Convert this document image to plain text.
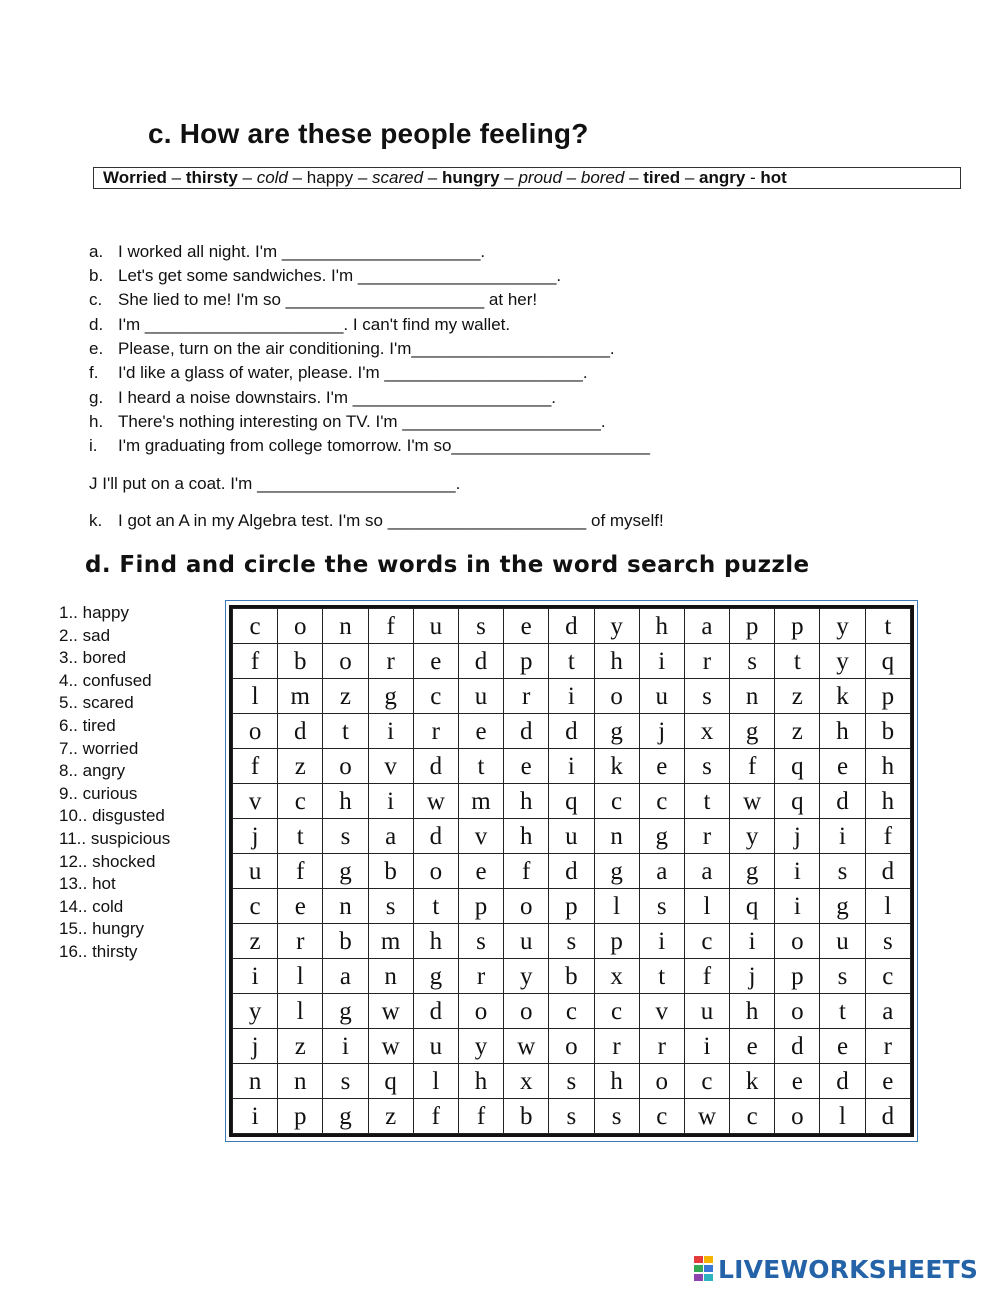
c. How are these people feeling?
Worried – thirsty – cold – happy – scared – hungry – proud – bored – tired – angry - hot
a. I worked all night. I'm _____________________.
b. Let's get some sandwiches. I'm _____________________.
c. She lied to me! I'm so _____________________ at her!
d. I'm _____________________. I can't find my wallet.
e. Please, turn on the air conditioning. I'm_____________________.
f. I'd like a glass of water, please. I'm _____________________.
g. I heard a noise downstairs. I'm _____________________.
h. There's nothing interesting on TV. I'm _____________________.
i. I'm graduating from college tomorrow. I'm so_____________________
J I'll put on a coat. I'm _____________________.
k. I got an A in my Algebra test. I'm so _____________________ of myself!
d. Find and circle the words in the word search puzzle
1.. happy
2.. sad
3.. bored
4.. confused
5.. scared
6.. tired
7.. worried
8.. angry
9.. curious
10.. disgusted
11.. suspicious
12.. shocked
13.. hot
14.. cold
15.. hungry
16.. thirsty
c	o	n	f	u	s	e	d	y	h	a	p	p	y	t
f	b	o	r	e	d	p	t	h	i	r	s	t	y	q
l	m	z	g	c	u	r	i	o	u	s	n	z	k	p
o	d	t	i	r	e	d	d	g	j	x	g	z	h	b
f	z	o	v	d	t	e	i	k	e	s	f	q	e	h
v	c	h	i	w	m	h	q	c	c	t	w	q	d	h
j	t	s	a	d	v	h	u	n	g	r	y	j	i	f
u	f	g	b	o	e	f	d	g	a	a	g	i	s	d
c	e	n	s	t	p	o	p	l	s	l	q	i	g	l
z	r	b	m	h	s	u	s	p	i	c	i	o	u	s
i	l	a	n	g	r	y	b	x	t	f	j	p	s	c
y	l	g	w	d	o	o	c	c	v	u	h	o	t	a
j	z	i	w	u	y	w	o	r	r	i	e	d	e	r
n	n	s	q	l	h	x	s	h	o	c	k	e	d	e
i	p	g	z	f	f	b	s	s	c	w	c	o	l	d
LIVEWORKSHEETS
